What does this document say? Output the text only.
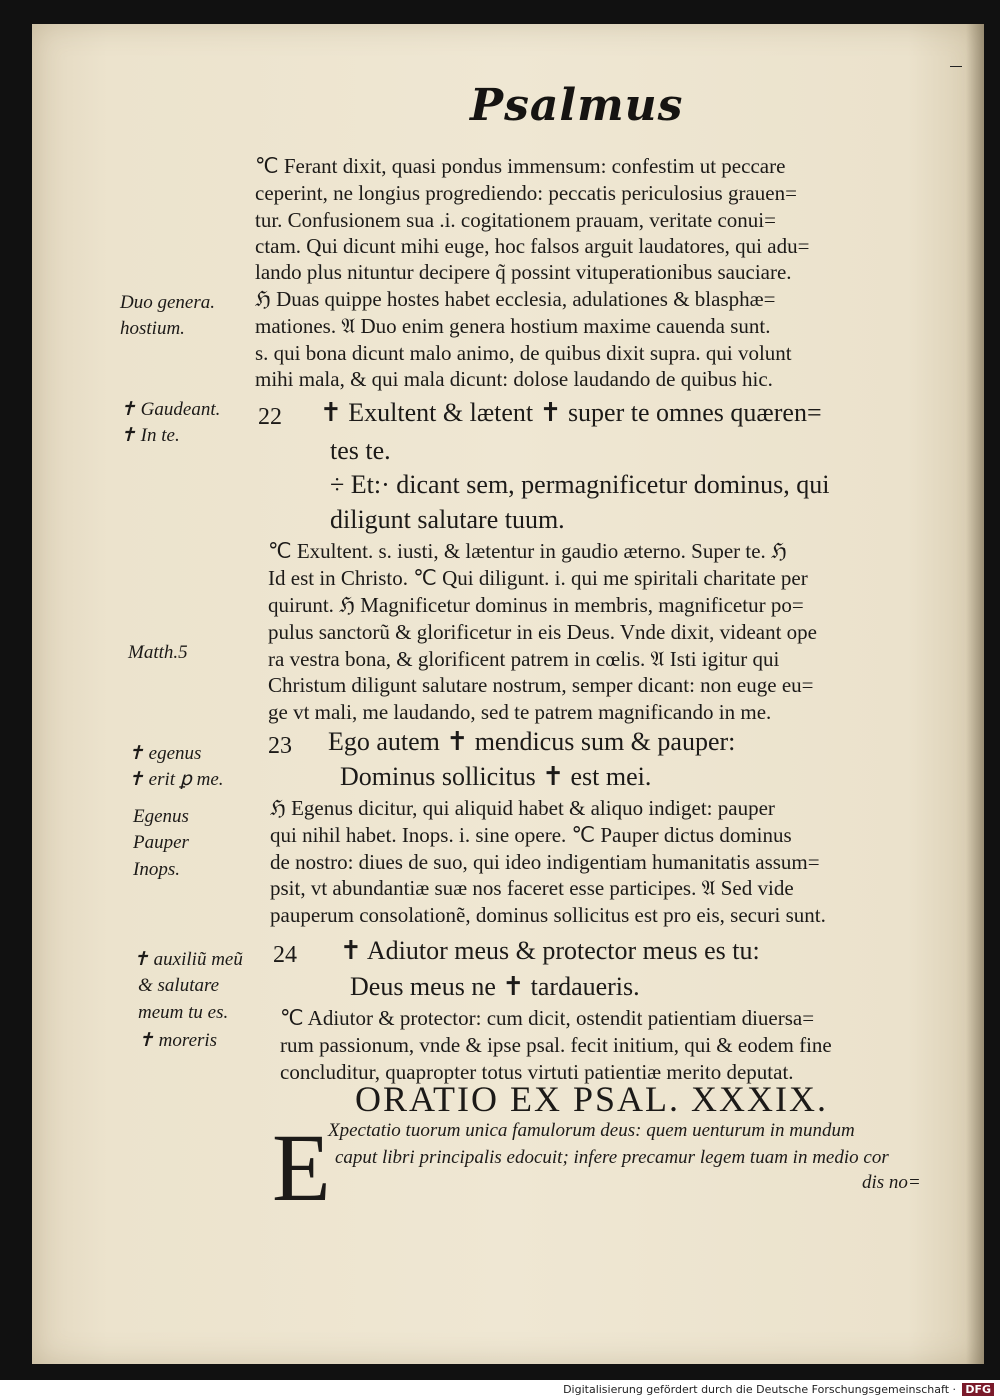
Psalmus
℃ Ferant dixit, quasi pondus immensum: confestim ut peccare
ceperint, ne longius progrediendo: peccatis periculosius grauen=
tur. Confusionem sua .i. cogitationem prauam, veritate conui=
ctam. Qui dicunt mihi euge, hoc falsos arguit laudatores, qui adu=
lando plus nituntur decipere q̃ possint vituperationibus sauciare.
ℌ Duas quippe hostes habet ecclesia, adulationes & blasphæ=
mationes. 𝔄 Duo enim genera hostium maxime cauenda sunt.
s. qui bona dicunt malo animo, de quibus dixit supra. qui volunt
mihi mala, & qui mala dicunt: dolose laudando de quibus hic.
Duo genera.
hostium.
✝ Gaudeant.
✝ In te.
22 ✝ Exultent & lætent ✝ super te omnes quæren=
tes te.
÷ Et:· dicant sem, permagnificetur dominus, qui
diligunt salutare tuum.
℃ Exultent. s. iusti, & lætentur in gaudio æterno. Super te. ℌ
Id est in Christo. ℃ Qui diligunt. i. qui me spiritali charitate per
quirunt. ℌ Magnificetur dominus in membris, magnificetur po=
pulus sanctorũ & glorificetur in eis Deus. Vnde dixit, videant ope
ra vestra bona, & glorificent patrem in cœlis. 𝔄 Isti igitur qui
Christum diligunt salutare nostrum, semper dicant: non euge eu=
ge vt mali, me laudando, sed te patrem magnificando in me.
Matth.5
✝ egenus
✝ erit ꝑ me.
23 Ego autem ✝ mendicus sum & pauper:
Dominus sollicitus ✝ est mei.
Egenus
Pauper
Inops.
ℌ Egenus dicitur, qui aliquid habet & aliquo indiget: pauper
qui nihil habet. Inops. i. sine opere. ℃ Pauper dictus dominus
de nostro: diues de suo, qui ideo indigentiam humanitatis assum=
psit, vt abundantiæ suæ nos faceret esse participes. 𝔄 Sed vide
pauperum consolationẽ, dominus sollicitus est pro eis, securi sunt.
✝ auxiliũ meũ
& salutare
meum tu es.
✝ moreris
24 ✝ Adiutor meus & protector meus es tu:
Deus meus ne ✝ tardaueris.
℃ Adiutor & protector: cum dicit, ostendit patientiam diuersa=
rum passionum, vnde & ipse psal. fecit initium, qui & eodem fine
concluditur, quapropter totus virtuti patientiæ merito deputat.
ORATIO EX PSAL. XXXIX.
E
Xpectatio tuorum unica famulorum deus: quem uenturum in mundum
caput libri principalis edocuit; infere precamur legem tuam in medio cor
dis no=
Digitalisierung gefördert durch die Deutsche Forschungsgemeinschaft · DFG
